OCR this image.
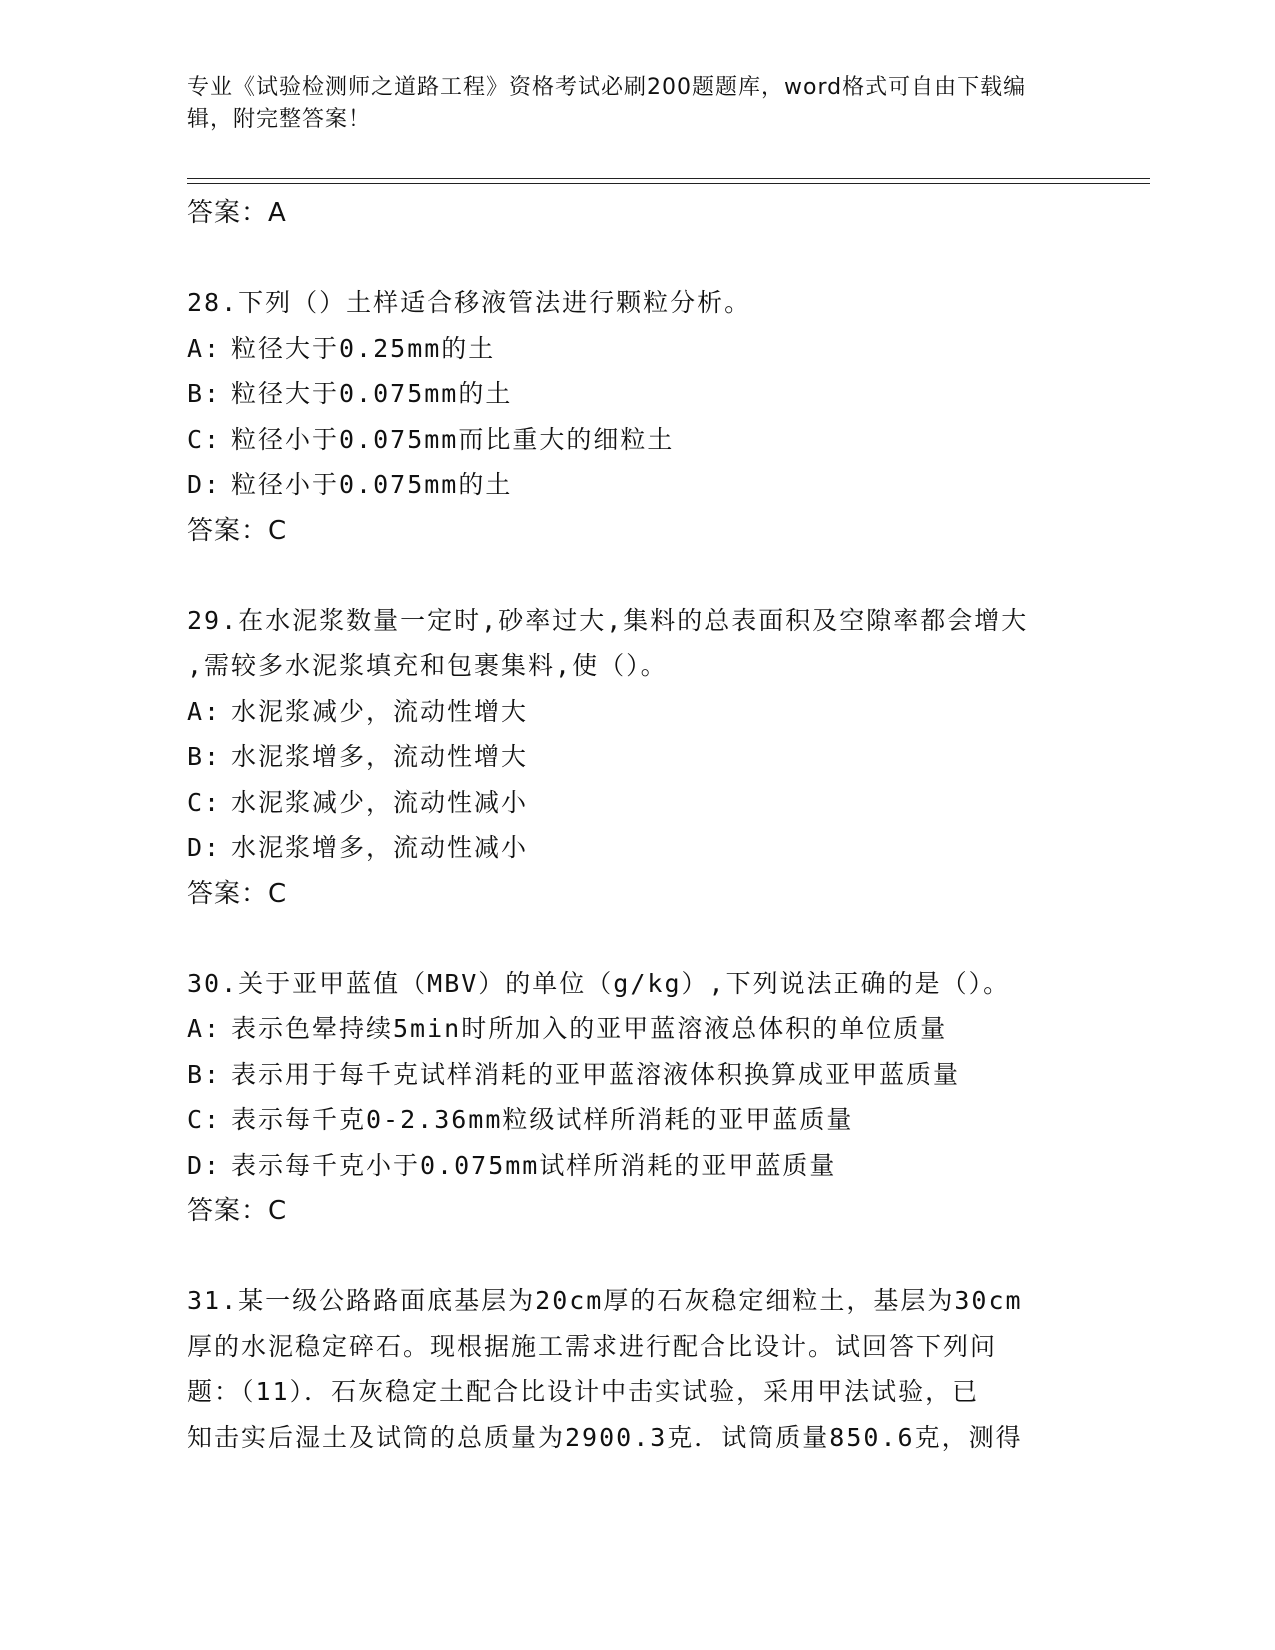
专业《试验检测师之道路工程》资格考试必刷200题题库，word格式可自由下载编辑，附完整答案！
答案：A
28.下列（）土样适合移液管法进行颗粒分析。
A: 粒径大于0.25mm的土
B: 粒径大于0.075mm的土
C: 粒径小于0.075mm而比重大的细粒土
D: 粒径小于0.075mm的土
答案：C
29.在水泥浆数量一定时,砂率过大,集料的总表面积及空隙率都会增大
,需较多水泥浆填充和包裹集料,使（）。
A: 水泥浆减少，流动性增大
B: 水泥浆增多，流动性增大
C: 水泥浆减少，流动性减小
D: 水泥浆增多，流动性减小
答案：C
30.关于亚甲蓝值（MBV）的单位（g/kg）,下列说法正确的是（）。
A: 表示色晕持续5min时所加入的亚甲蓝溶液总体积的单位质量
B: 表示用于每千克试样消耗的亚甲蓝溶液体积换算成亚甲蓝质量
C: 表示每千克0-2.36mm粒级试样所消耗的亚甲蓝质量
D: 表示每千克小于0.075mm试样所消耗的亚甲蓝质量
答案：C
31.某一级公路路面底基层为20cm厚的石灰稳定细粒土，基层为30cm
厚的水泥稳定碎石。现根据施工需求进行配合比设计。试回答下列问
题：（11）．石灰稳定土配合比设计中击实试验，采用甲法试验，已
知击实后湿土及试筒的总质量为2900.3克．试筒质量850.6克，测得
